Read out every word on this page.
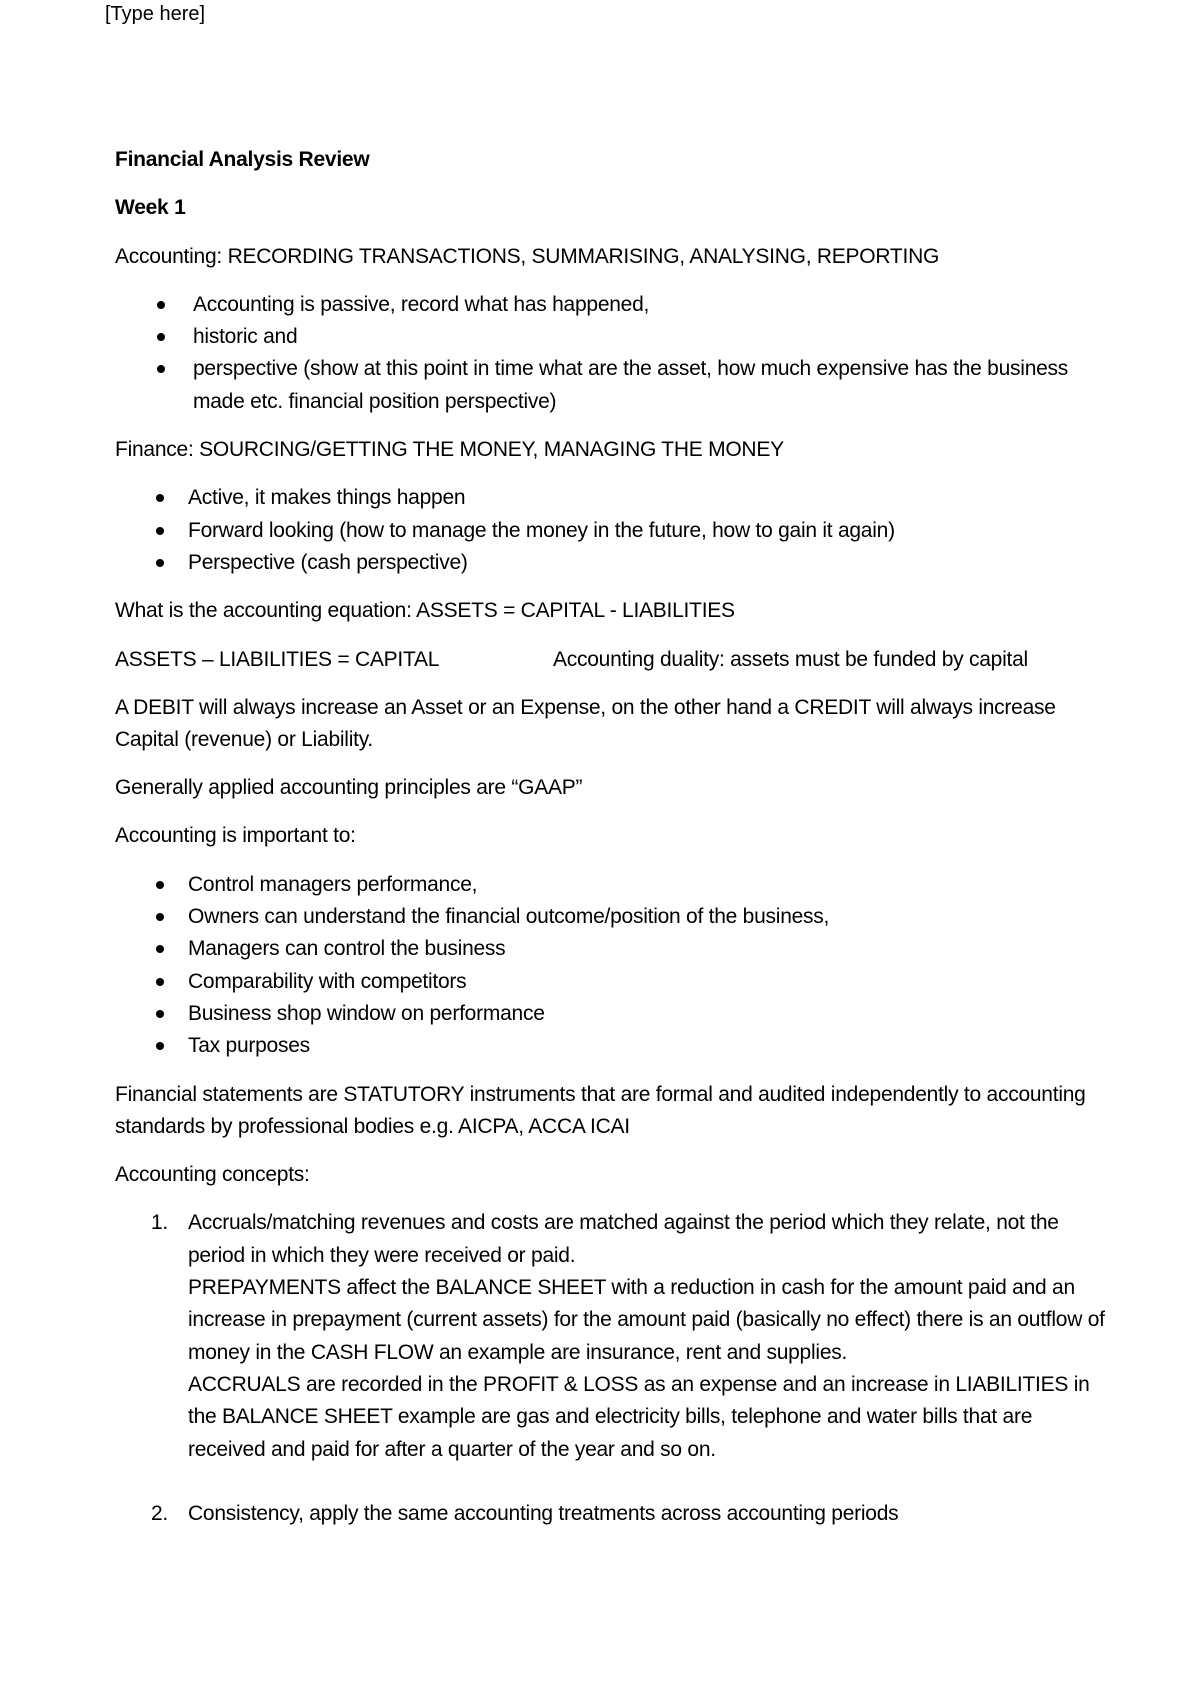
[Type here]

Financial Analysis Review

Week 1

Accounting: RECORDING TRANSACTIONS, SUMMARISING, ANALYSING, REPORTING

Accounting is passive, record what has happened,
historic and
perspective (show at this point in time what are the asset, how much expensive has the business made etc. financial position perspective)

Finance: SOURCING/GETTING THE MONEY, MANAGING THE MONEY

Active, it makes things happen
Forward looking (how to manage the money in the future, how to gain it again)
Perspective (cash perspective)

What is the accounting equation: ASSETS = CAPITAL - LIABILITIES

ASSETS – LIABILITIES = CAPITAL	Accounting duality: assets must be funded by capital

A DEBIT will always increase an Asset or an Expense, on the other hand a CREDIT will always increase Capital (revenue) or Liability.

Generally applied accounting principles are “GAAP”

Accounting is important to:

Control managers performance,
Owners can understand the financial outcome/position of the business,
Managers can control the business
Comparability with competitors
Business shop window on performance
Tax purposes

Financial statements are STATUTORY instruments that are formal and audited independently to accounting standards by professional bodies e.g. AICPA, ACCA ICAI

Accounting concepts:

1. Accruals/matching revenues and costs are matched against the period which they relate, not the period in which they were received or paid.
PREPAYMENTS affect the BALANCE SHEET with a reduction in cash for the amount paid and an increase in prepayment (current assets) for the amount paid (basically no effect) there is an outflow of money in the CASH FLOW an example are insurance, rent and supplies.
ACCRUALS are recorded in the PROFIT & LOSS as an expense and an increase in LIABILITIES in the BALANCE SHEET example are gas and electricity bills, telephone and water bills that are received and paid for after a quarter of the year and so on.
2. Consistency, apply the same accounting treatments across accounting periods
